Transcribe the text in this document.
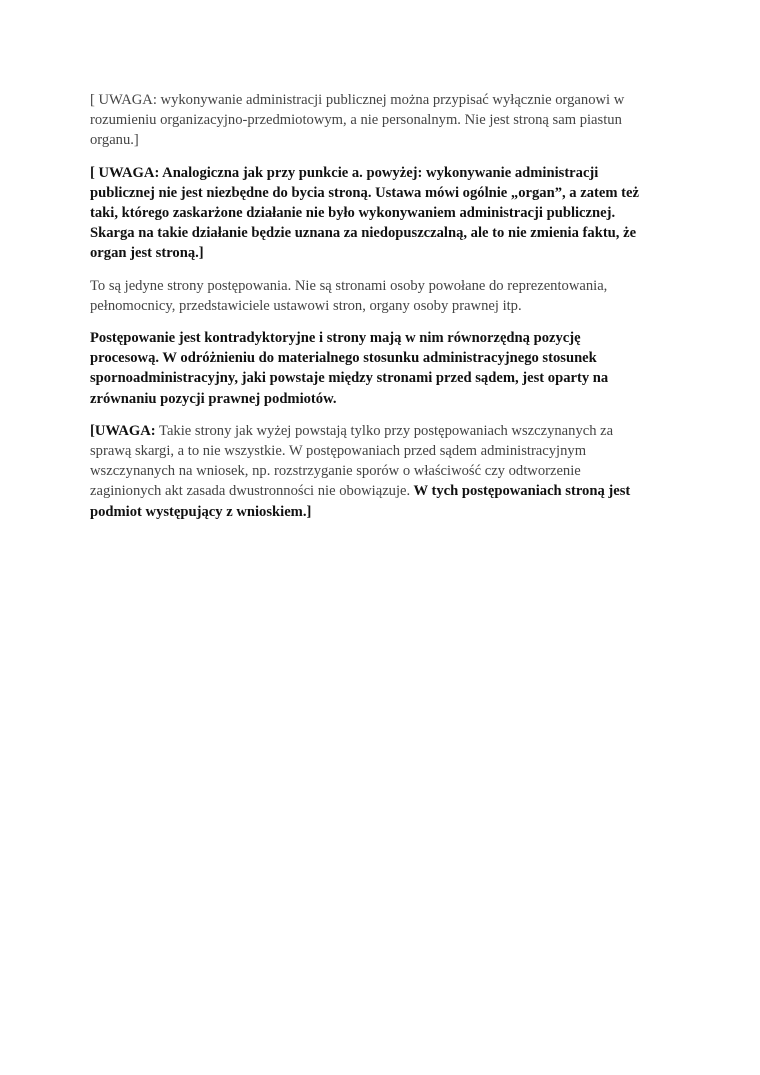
[ UWAGA: wykonywanie administracji publicznej można przypisać wyłącznie organowi w
rozumieniu organizacyjno-przedmiotowym, a nie personalnym. Nie jest stroną sam piastun
organu.]

[ UWAGA: Analogiczna jak przy punkcie a. powyżej: wykonywanie administracji
publicznej nie jest niezbędne do bycia stroną. Ustawa mówi ogólnie „organ”, a zatem też
taki, którego zaskarżone działanie nie było wykonywaniem administracji publicznej.
Skarga na takie działanie będzie uznana za niedopuszczalną, ale to nie zmienia faktu, że
organ jest stroną.]

To są jedyne strony postępowania. Nie są stronami osoby powołane do reprezentowania,
pełnomocnicy, przedstawiciele ustawowi stron, organy osoby prawnej itp.

Postępowanie jest kontradyktoryjne i strony mają w nim równorzędną pozycję
procesową. W odróżnieniu do materialnego stosunku administracyjnego stosunek
spornoadministracyjny, jaki powstaje między stronami przed sądem, jest oparty na
zrównaniu pozycji prawnej podmiotów.

[UWAGA: Takie strony jak wyżej powstają tylko przy postępowaniach wszczynanych za
sprawą skargi, a to nie wszystkie. W postępowaniach przed sądem administracyjnym
wszczynanych na wniosek, np. rozstrzyganie sporów o właściwość czy odtworzenie
zaginionych akt zasada dwustronności nie obowiązuje. W tych postępowaniach stroną jest
podmiot występujący z wnioskiem.]
